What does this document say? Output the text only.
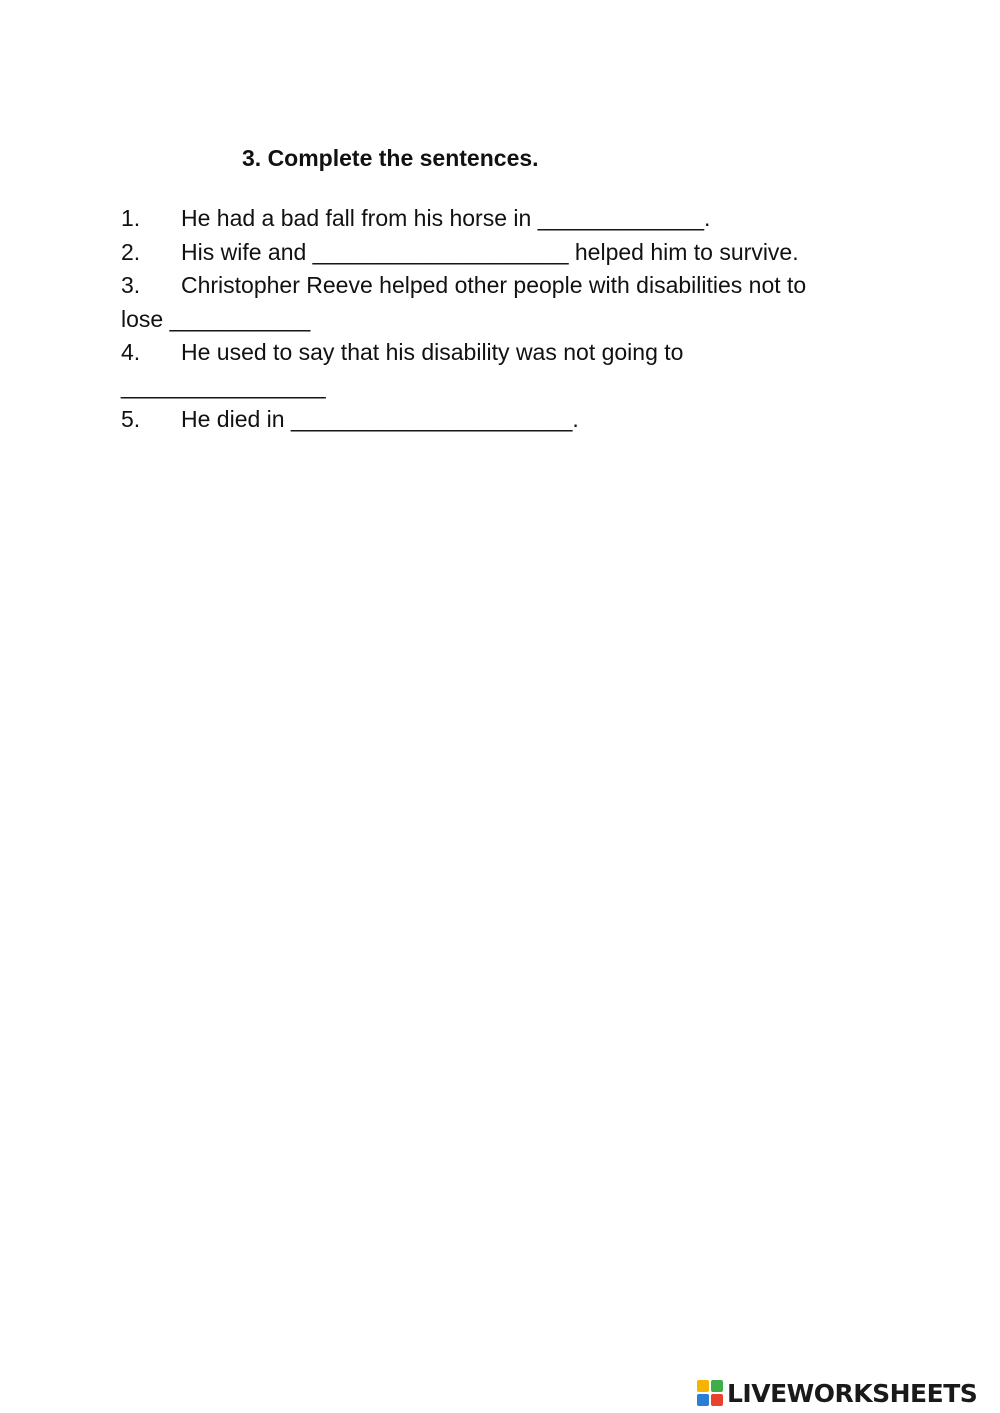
3. Complete the sentences.
1. He had a bad fall from his horse in _____________.
2. His wife and ____________________ helped him to survive.
3. Christopher Reeve helped other people with disabilities not to
lose ___________
4. He used to say that his disability was not going to
________________
5. He died in ______________________.
LIVEWORKSHEETS
